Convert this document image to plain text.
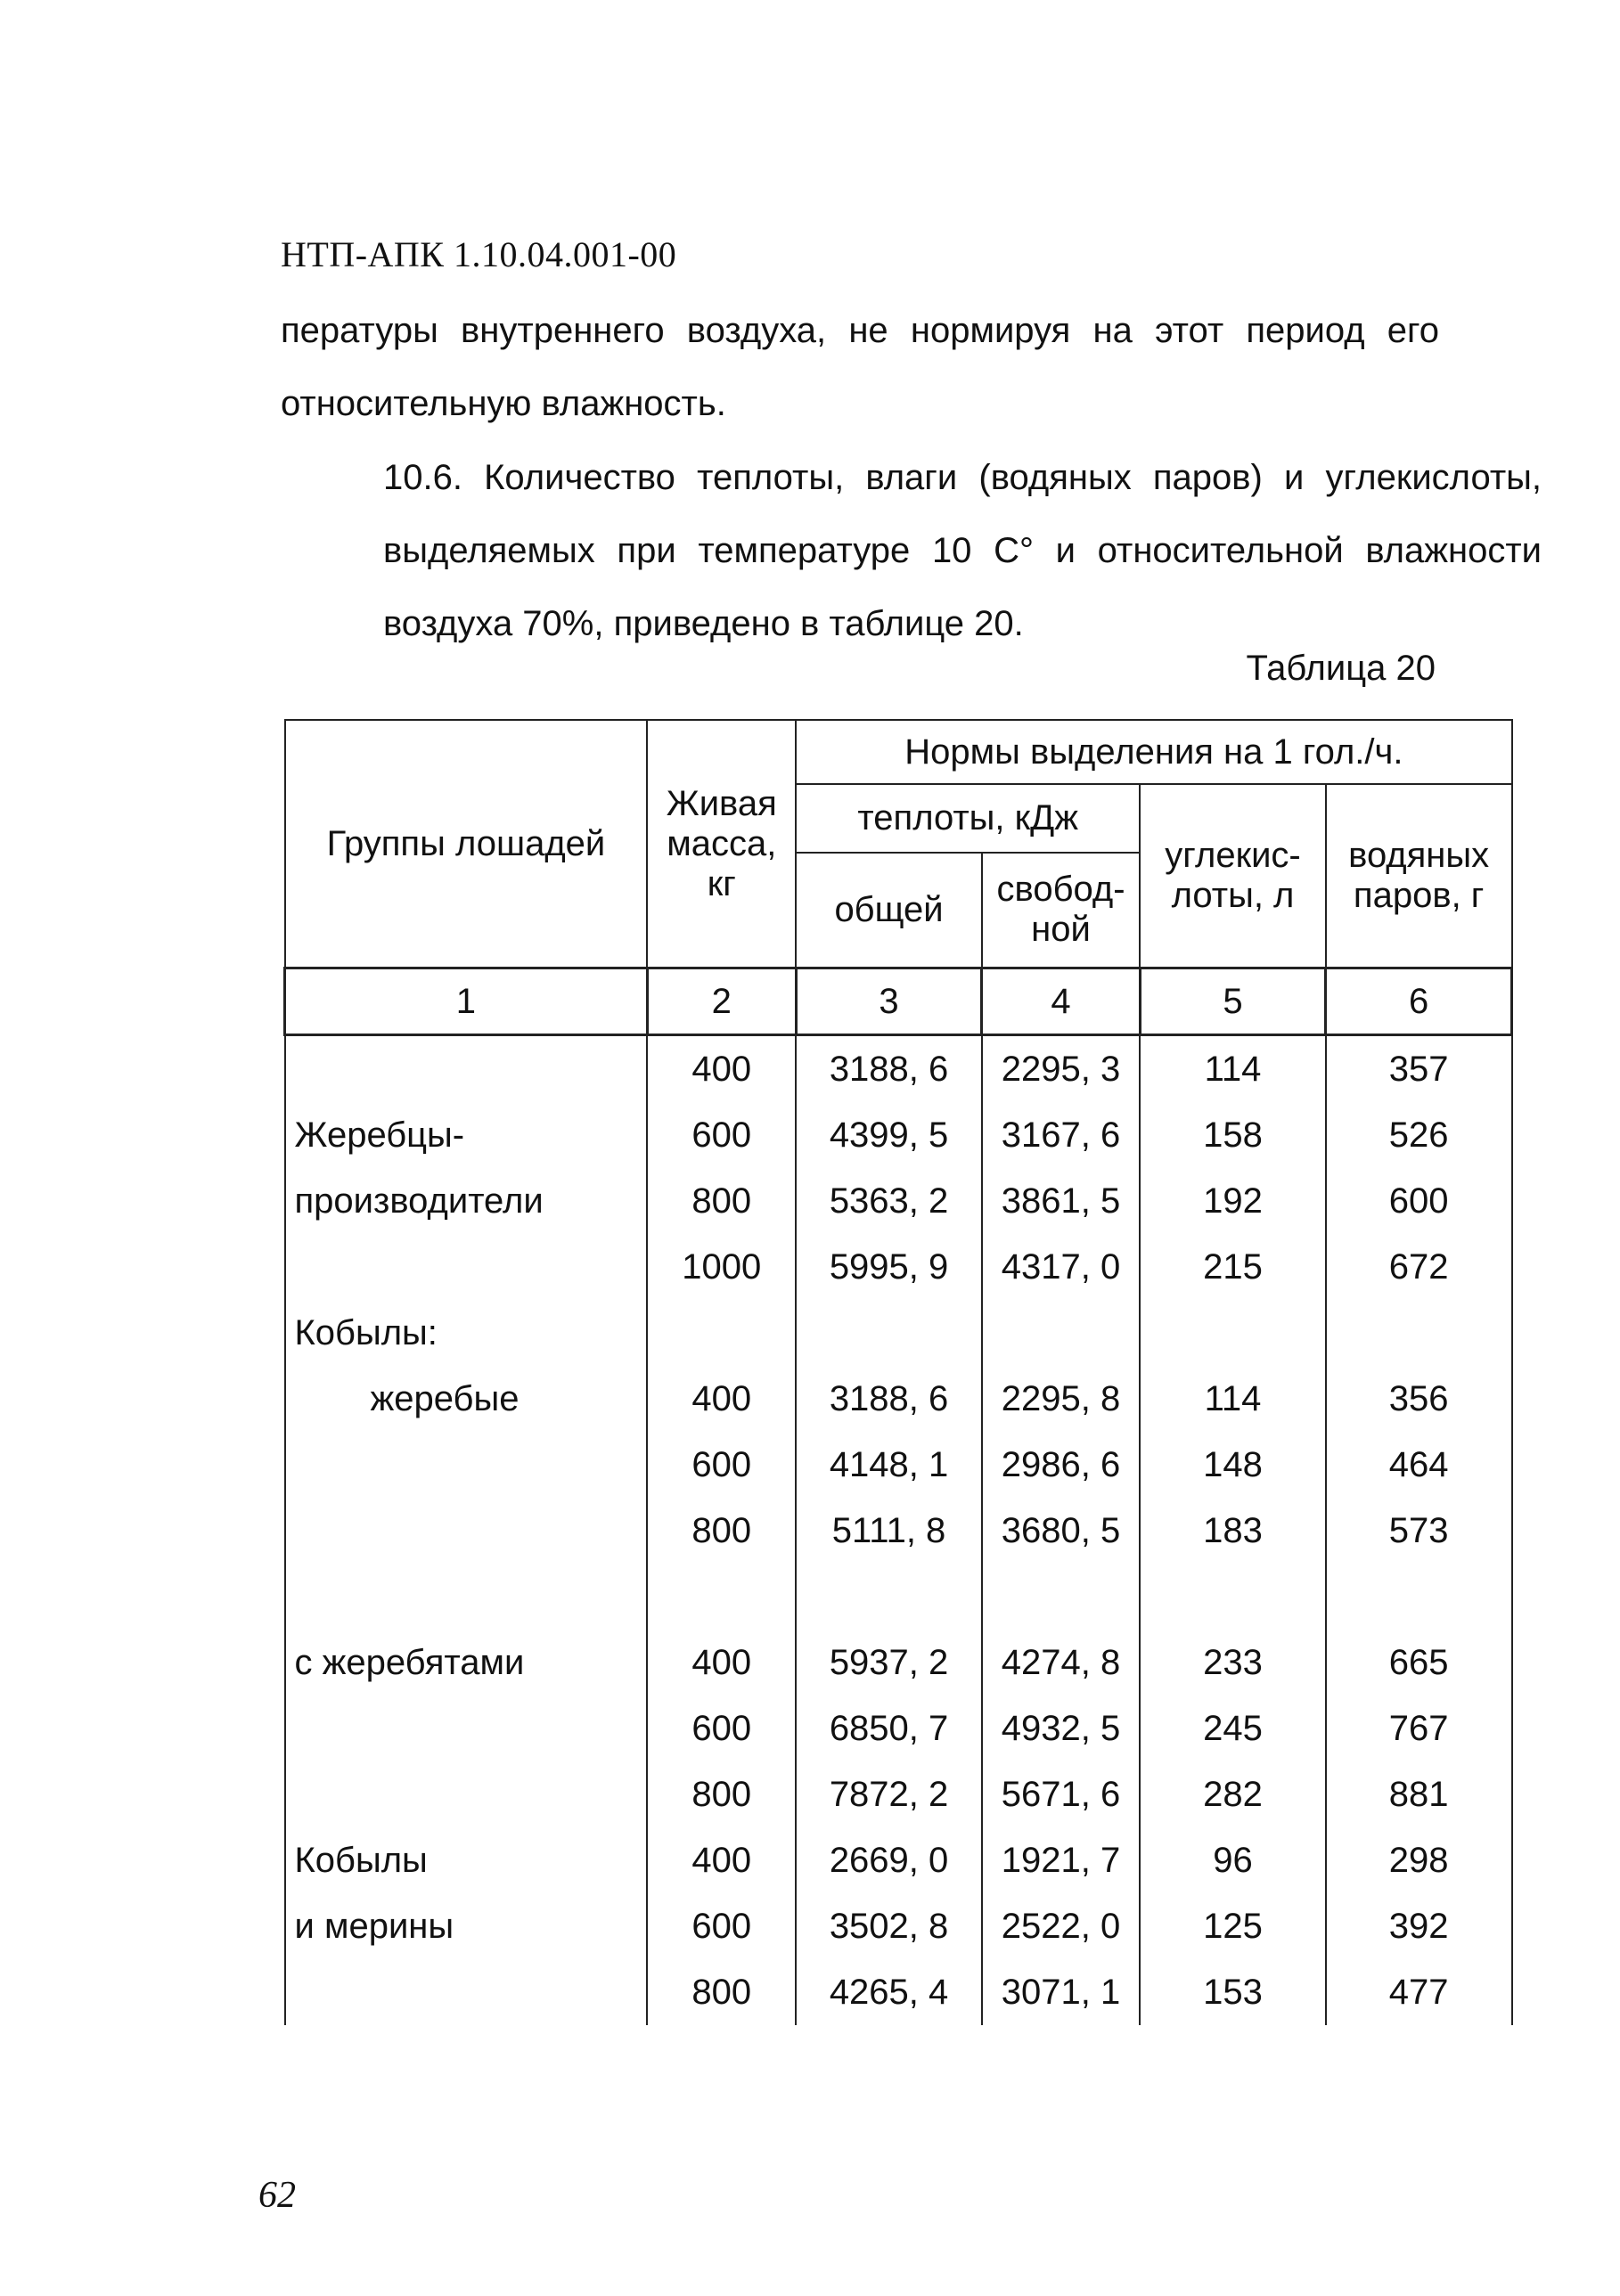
НТП-АПК 1.10.04.001-00
пературы внутреннего воздуха, не нормируя на этот период его относительную влажность.
10.6. Количество теплоты, влаги (водяных паров) и углекислоты, выделяемых при температуре 10 С° и относительной влажности воздуха 70%, приведено в таблице 20.
Таблица 20
Группы лошадей	Живая масса, кг	Нормы выделения на 1 гол./ч.			
		теплоты, кДж		углекис-лоты, л	водяных паров, г
		общей	свобод-ной		
1	2	3	4	5	6
	400	3188, 6	2295, 3	114	357
Жеребцы-	600	4399, 5	3167, 6	158	526
производители	800	5363, 2	3861, 5	192	600
	1000	5995, 9	4317, 0	215	672
Кобылы:					
жеребые	400	3188, 6	2295, 8	114	356
	600	4148, 1	2986, 6	148	464
	800	5111, 8	3680, 5	183	573

с жеребятами	400	5937, 2	4274, 8	233	665
	600	6850, 7	4932, 5	245	767
	800	7872, 2	5671, 6	282	881
Кобылы	400	2669, 0	1921, 7	96	298
и мерины	600	3502, 8	2522, 0	125	392
	800	4265, 4	3071, 1	153	477
62
